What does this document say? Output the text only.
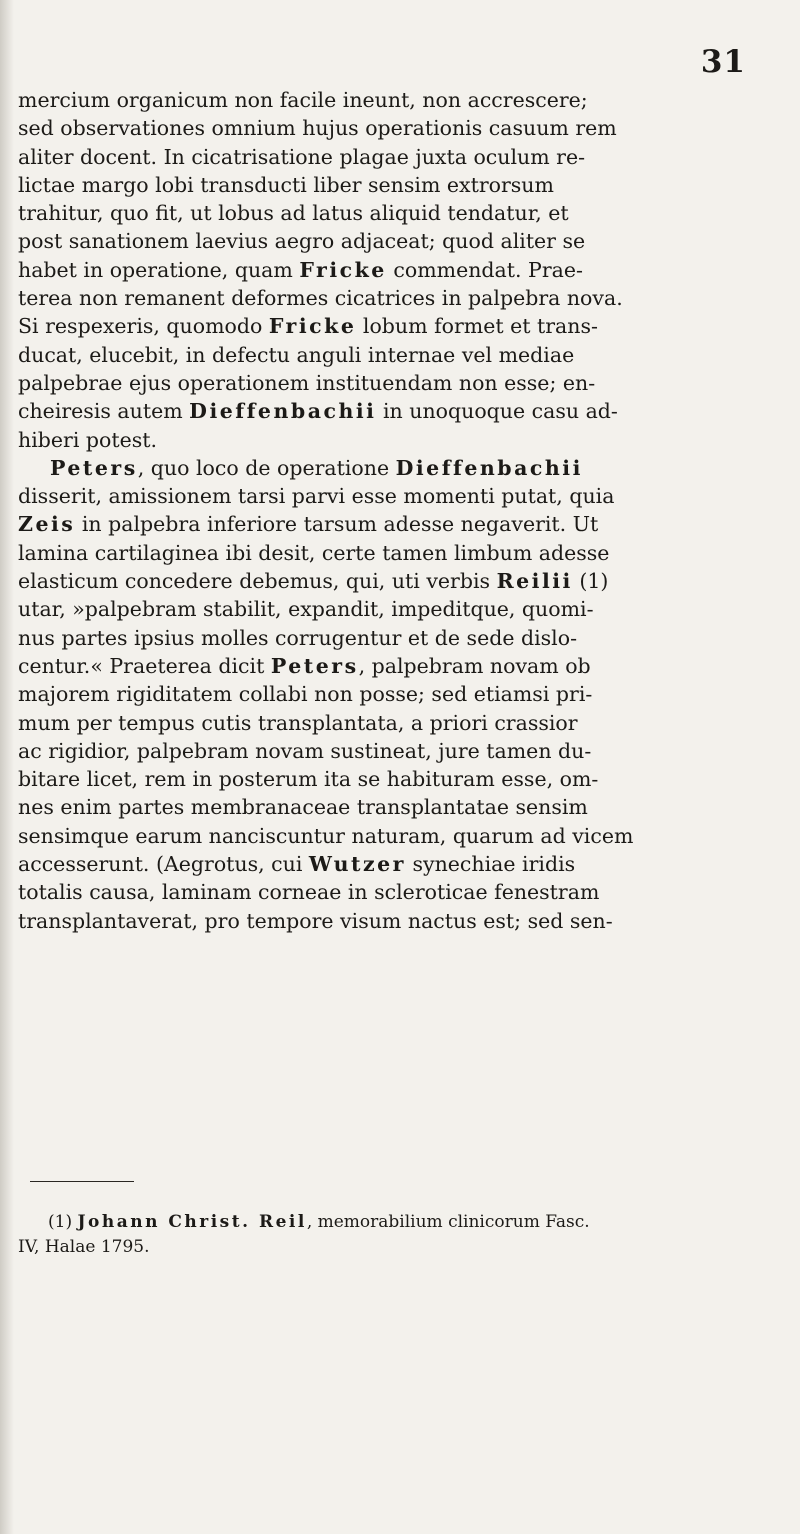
31
mercium organicum non facile ineunt, non accrescere;
sed observationes omnium hujus operationis casuum rem
aliter docent. In cicatrisatione plagae juxta oculum re-
lictae margo lobi transducti liber sensim extrorsum
trahitur, quo fit, ut lobus ad latus aliquid tendatur, et
post sanationem laevius aegro adjaceat; quod aliter se
habet in operatione, quam Fricke commendat. Prae-
terea non remanent deformes cicatrices in palpebra nova.
Si respexeris, quomodo Fricke lobum formet et trans-
ducat, elucebit, in defectu anguli internae vel mediae
palpebrae ejus operationem instituendam non esse; en-
cheiresis autem Dieffenbachii in unoquoque casu ad-
hiberi potest.
Peters, quo loco de operatione Dieffenbachii
disserit, amissionem tarsi parvi esse momenti putat, quia
Zeis in palpebra inferiore tarsum adesse negaverit. Ut
lamina cartilaginea ibi desit, certe tamen limbum adesse
elasticum concedere debemus, qui, uti verbis Reilii (1)
utar, »palpebram stabilit, expandit, impeditque, quomi-
nus partes ipsius molles corrugentur et de sede dislo-
centur.« Praeterea dicit Peters, palpebram novam ob
majorem rigiditatem collabi non posse; sed etiamsi pri-
mum per tempus cutis transplantata, a priori crassior
ac rigidior, palpebram novam sustineat, jure tamen du-
bitare licet, rem in posterum ita se habituram esse, om-
nes enim partes membranaceae transplantatae sensim
sensimque earum nanciscuntur naturam, quarum ad vicem
accesserunt. (Aegrotus, cui Wutzer synechiae iridis
totalis causa, laminam corneae in scleroticae fenestram
transplantaverat, pro tempore visum nactus est; sed sen-
(1) Johann Christ. Reil, memorabilium clinicorum Fasc.
IV, Halae 1795.
